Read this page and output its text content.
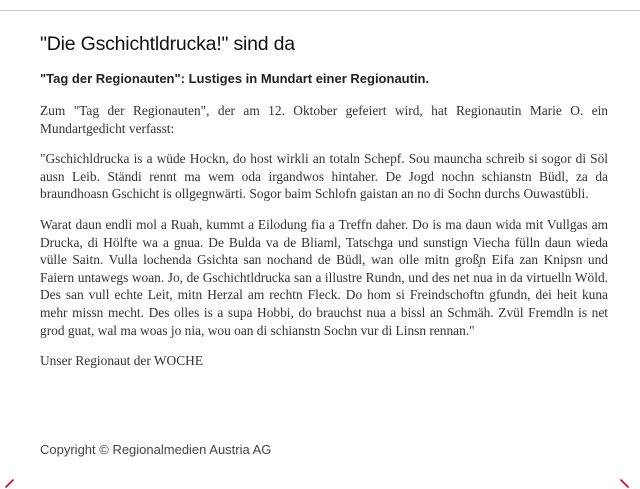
"Die Gschichtldrucka!" sind da
"Tag der Regionauten": Lustiges in Mundart einer Regionautin.

Zum "Tag der Regionauten", der am 12. Oktober gefeiert wird, hat Regionautin Marie O. ein Mundartgedicht verfasst:

"Gschichldrucka is a wüde Hockn, do host wirkli an totaln Schepf. Sou mauncha schreib si sogor di Söl ausn Leib. Ständi rennt ma wem oda irgandwos hintaher. De Jogd nochn schianstn Büdl, za da braundhoasn Gschicht is ollgegnwärti. Sogor baim Schlofn gaistan an no di Sochn durchs Ouwastübli.

Warat daun endli mol a Ruah, kummt a Eilodung fia a Treffn daher. Do is ma daun wida mit Vullgas am Drucka, di Hölfte wa a gnua. De Bulda va de Bliaml, Tatschga und sunstign Viecha fülln daun wieda vülle Saitn. Vulla lochenda Gsichta san nochand de Büdl, wan olle mitn groß̧n Eifa zan Knipsn und Faiern untawegs woan. Jo, de Gschichtldrucka san a illustre Rundn, und des net nua in da virtuelln Wöld. Des san vull echte Leit, mitn Herzal am rechtn Fleck. Do hom si Freindschoftn gfundn, dei heit kuna mehr missn mecht. Des olles is a supa Hobbi, do brauchst nua a bissl an Schmäh. Zvül Fremdln is net grod guat, wal ma woas jo nia, wou oan di schianstn Sochn vur di Linsn rennan."

Unser Regionaut der WOCHE

Copyright © Regionalmedien Austria AG
